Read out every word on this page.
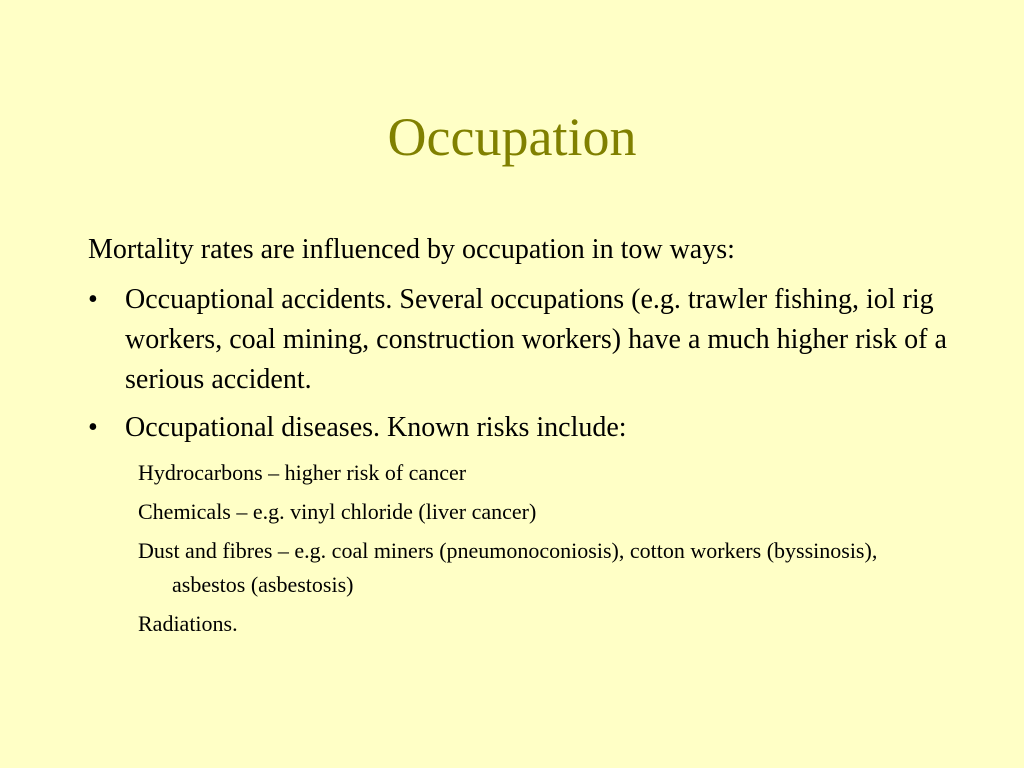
Occupation

Mortality rates are influenced by occupation in tow ways:

• Occuaptional accidents. Several occupations (e.g. trawler fishing, iol rig workers, coal mining, construction workers) have a much higher risk of a serious accident.
• Occupational diseases. Known risks include:
Hydrocarbons – higher risk of cancer
Chemicals – e.g. vinyl chloride (liver cancer)
Dust and fibres – e.g. coal miners (pneumonoconiosis), cotton workers (byssinosis), asbestos (asbestosis)
Radiations.
